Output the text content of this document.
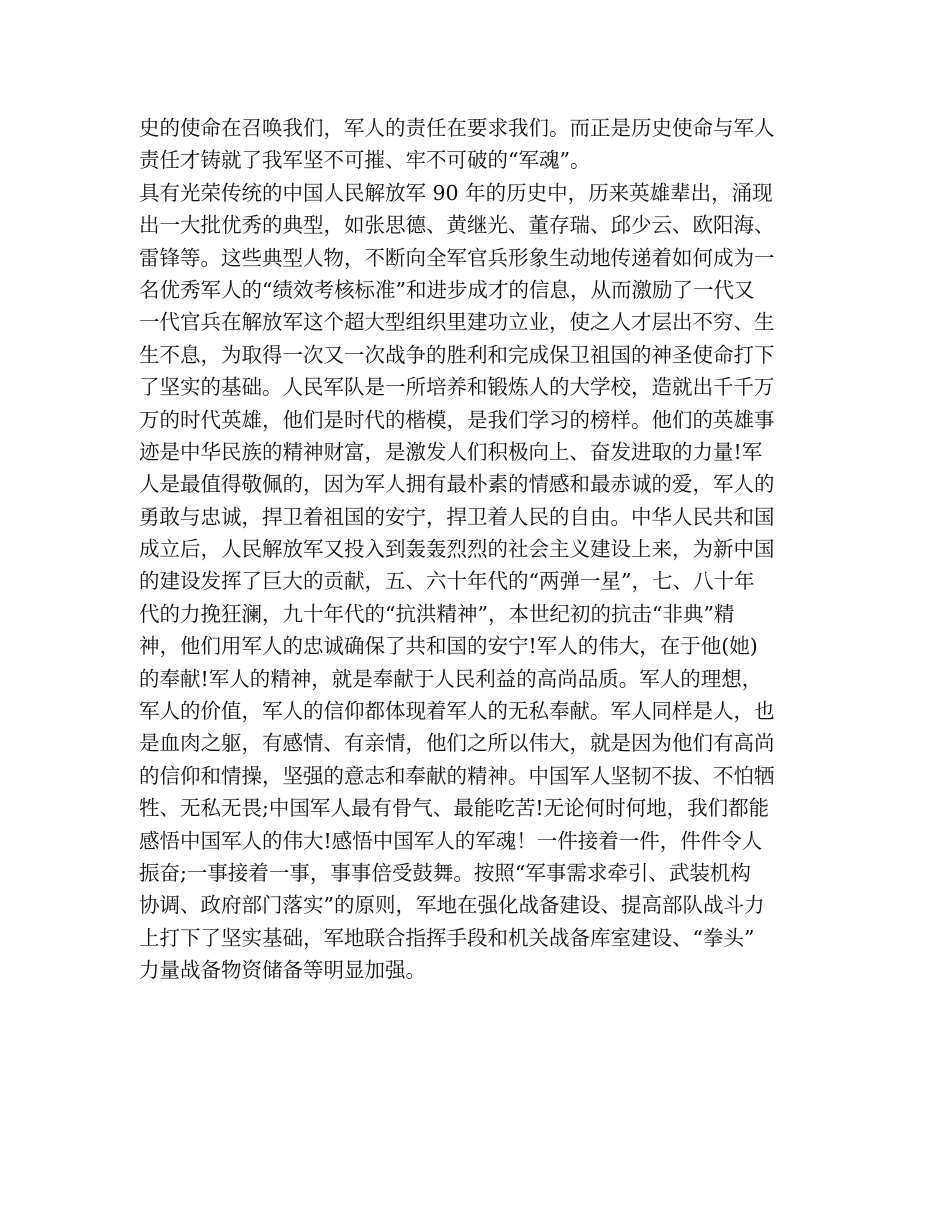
史的使命在召唤我们，军人的责任在要求我们。而正是历史使命与军人
责任才铸就了我军坚不可摧、牢不可破的“军魂”。
具有光荣传统的中国人民解放军 90 年的历史中，历来英雄辈出，涌现
出一大批优秀的典型，如张思德、黄继光、董存瑞、邱少云、欧阳海、
雷锋等。这些典型人物，不断向全军官兵形象生动地传递着如何成为一
名优秀军人的“绩效考核标准”和进步成才的信息，从而激励了一代又
一代官兵在解放军这个超大型组织里建功立业，使之人才层出不穷、生
生不息，为取得一次又一次战争的胜利和完成保卫祖国的神圣使命打下
了坚实的基础。人民军队是一所培养和锻炼人的大学校，造就出千千万
万的时代英雄，他们是时代的楷模，是我们学习的榜样。他们的英雄事
迹是中华民族的精神财富，是激发人们积极向上、奋发进取的力量!军
人是最值得敬佩的，因为军人拥有最朴素的情感和最赤诚的爱，军人的
勇敢与忠诚，捍卫着祖国的安宁，捍卫着人民的自由。中华人民共和国
成立后，人民解放军又投入到轰轰烈烈的社会主义建设上来，为新中国
的建设发挥了巨大的贡献，五、六十年代的“两弹一星”，七、八十年
代的力挽狂澜，九十年代的“抗洪精神”，本世纪初的抗击“非典”精
神，他们用军人的忠诚确保了共和国的安宁!军人的伟大，在于他(她)
的奉献!军人的精神，就是奉献于人民利益的高尚品质。军人的理想，
军人的价值，军人的信仰都体现着军人的无私奉献。军人同样是人，也
是血肉之躯，有感情、有亲情，他们之所以伟大，就是因为他们有高尚
的信仰和情操，坚强的意志和奉献的精神。中国军人坚韧不拔、不怕牺
牲、无私无畏;中国军人最有骨气、最能吃苦!无论何时何地，我们都能
感悟中国军人的伟大!感悟中国军人的军魂！一件接着一件，件件令人
振奋;一事接着一事，事事倍受鼓舞。按照“军事需求牵引、武装机构
协调、政府部门落实”的原则，军地在强化战备建设、提高部队战斗力
上打下了坚实基础，军地联合指挥手段和机关战备库室建设、“拳头”
力量战备物资储备等明显加强。
